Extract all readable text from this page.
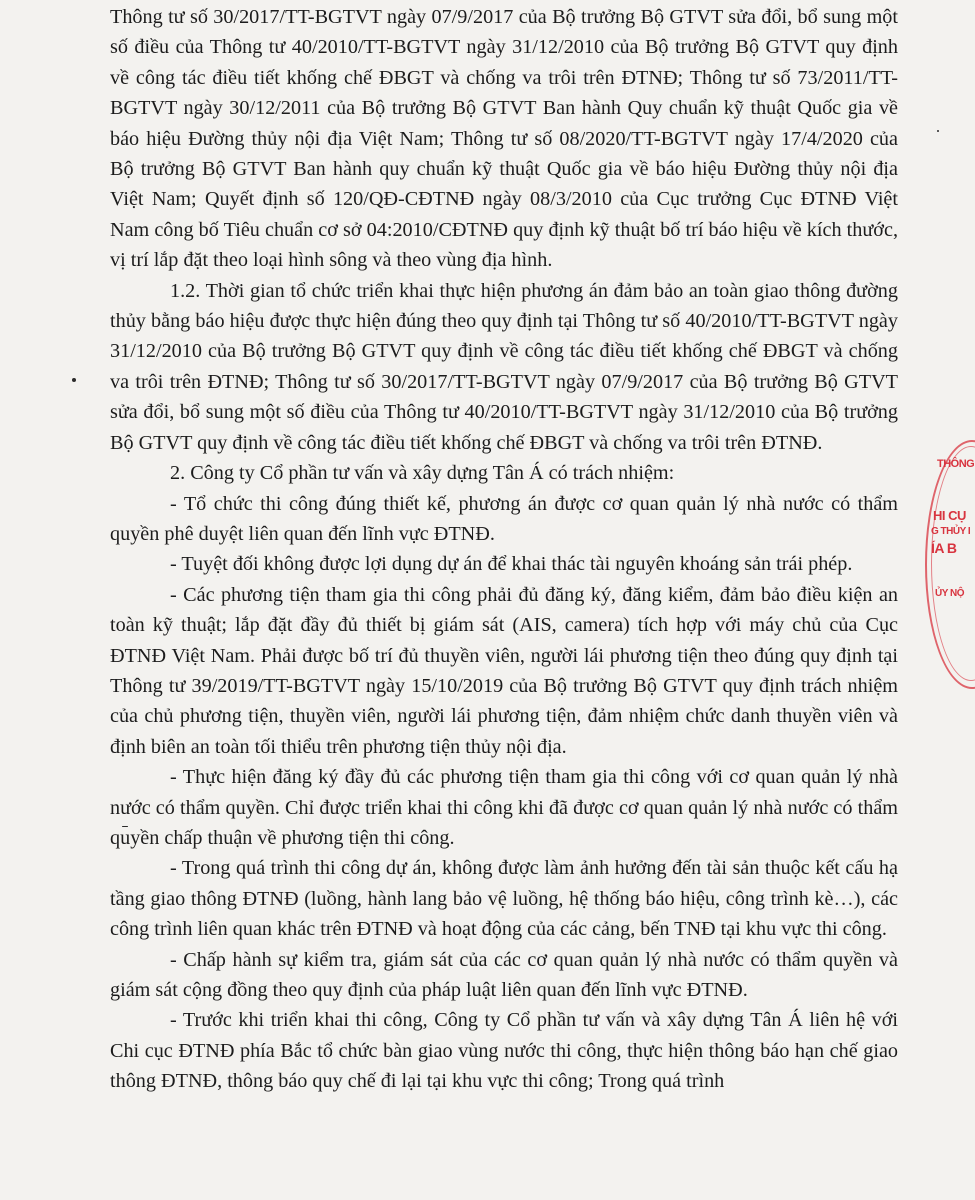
Thông tư số 30/2017/TT-BGTVT ngày 07/9/2017 của Bộ trưởng Bộ GTVT sửa đổi, bổ sung một số điều của Thông tư 40/2010/TT-BGTVT ngày 31/12/2010 của Bộ trưởng Bộ GTVT quy định về công tác điều tiết khống chế ĐBGT và chống va trôi trên ĐTNĐ; Thông tư số 73/2011/TT-BGTVT ngày 30/12/2011 của Bộ trưởng Bộ GTVT Ban hành Quy chuẩn kỹ thuật Quốc gia về báo hiệu Đường thủy nội địa Việt Nam; Thông tư số 08/2020/TT-BGTVT ngày 17/4/2020 của Bộ trưởng Bộ GTVT Ban hành quy chuẩn kỹ thuật Quốc gia về báo hiệu Đường thủy nội địa Việt Nam; Quyết định số 120/QĐ-CĐTNĐ ngày 08/3/2010 của Cục trưởng Cục ĐTNĐ Việt Nam công bố Tiêu chuẩn cơ sở 04:2010/CĐTNĐ quy định kỹ thuật bố trí báo hiệu về kích thước, vị trí lắp đặt theo loại hình sông và theo vùng địa hình.

1.2. Thời gian tổ chức triển khai thực hiện phương án đảm bảo an toàn giao thông đường thủy bằng báo hiệu được thực hiện đúng theo quy định tại Thông tư số 40/2010/TT-BGTVT ngày 31/12/2010 của Bộ trưởng Bộ GTVT quy định về công tác điều tiết khống chế ĐBGT và chống va trôi trên ĐTNĐ; Thông tư số 30/2017/TT-BGTVT ngày 07/9/2017 của Bộ trưởng Bộ GTVT sửa đổi, bổ sung một số điều của Thông tư 40/2010/TT-BGTVT ngày 31/12/2010 của Bộ trưởng Bộ GTVT quy định về công tác điều tiết khống chế ĐBGT và chống va trôi trên ĐTNĐ.

2. Công ty Cổ phần tư vấn và xây dựng Tân Á có trách nhiệm:

- Tổ chức thi công đúng thiết kế, phương án được cơ quan quản lý nhà nước có thẩm quyền phê duyệt liên quan đến lĩnh vực ĐTNĐ.

- Tuyệt đối không được lợi dụng dự án để khai thác tài nguyên khoáng sản trái phép.

- Các phương tiện tham gia thi công phải đủ đăng ký, đăng kiểm, đảm bảo điều kiện an toàn kỹ thuật; lắp đặt đầy đủ thiết bị giám sát (AIS, camera) tích hợp với máy chủ của Cục ĐTNĐ Việt Nam. Phải được bố trí đủ thuyền viên, người lái phương tiện theo đúng quy định tại Thông tư 39/2019/TT-BGTVT ngày 15/10/2019 của Bộ trưởng Bộ GTVT quy định trách nhiệm của chủ phương tiện, thuyền viên, người lái phương tiện, đảm nhiệm chức danh thuyền viên và định biên an toàn tối thiểu trên phương tiện thủy nội địa.

- Thực hiện đăng ký đầy đủ các phương tiện tham gia thi công với cơ quan quản lý nhà nước có thẩm quyền. Chỉ được triển khai thi công khi đã được cơ quan quản lý nhà nước có thẩm quyền chấp thuận về phương tiện thi công.

- Trong quá trình thi công dự án, không được làm ảnh hưởng đến tài sản thuộc kết cấu hạ tầng giao thông ĐTNĐ (luồng, hành lang bảo vệ luồng, hệ thống báo hiệu, công trình kè…), các công trình liên quan khác trên ĐTNĐ và hoạt động của các cảng, bến TNĐ tại khu vực thi công.

- Chấp hành sự kiểm tra, giám sát của các cơ quan quản lý nhà nước có thẩm quyền và giám sát cộng đồng theo quy định của pháp luật liên quan đến lĩnh vực ĐTNĐ.

- Trước khi triển khai thi công, Công ty Cổ phần tư vấn và xây dựng Tân Á liên hệ với Chi cục ĐTNĐ phía Bắc tổ chức bàn giao vùng nước thi công, thực hiện thông báo hạn chế giao thông ĐTNĐ, thông báo quy chế đi lại tại khu vực thi công; Trong quá trình

THÔNG
HI CỤ
G THỦY I
ÍA B
ỦY NỘ
